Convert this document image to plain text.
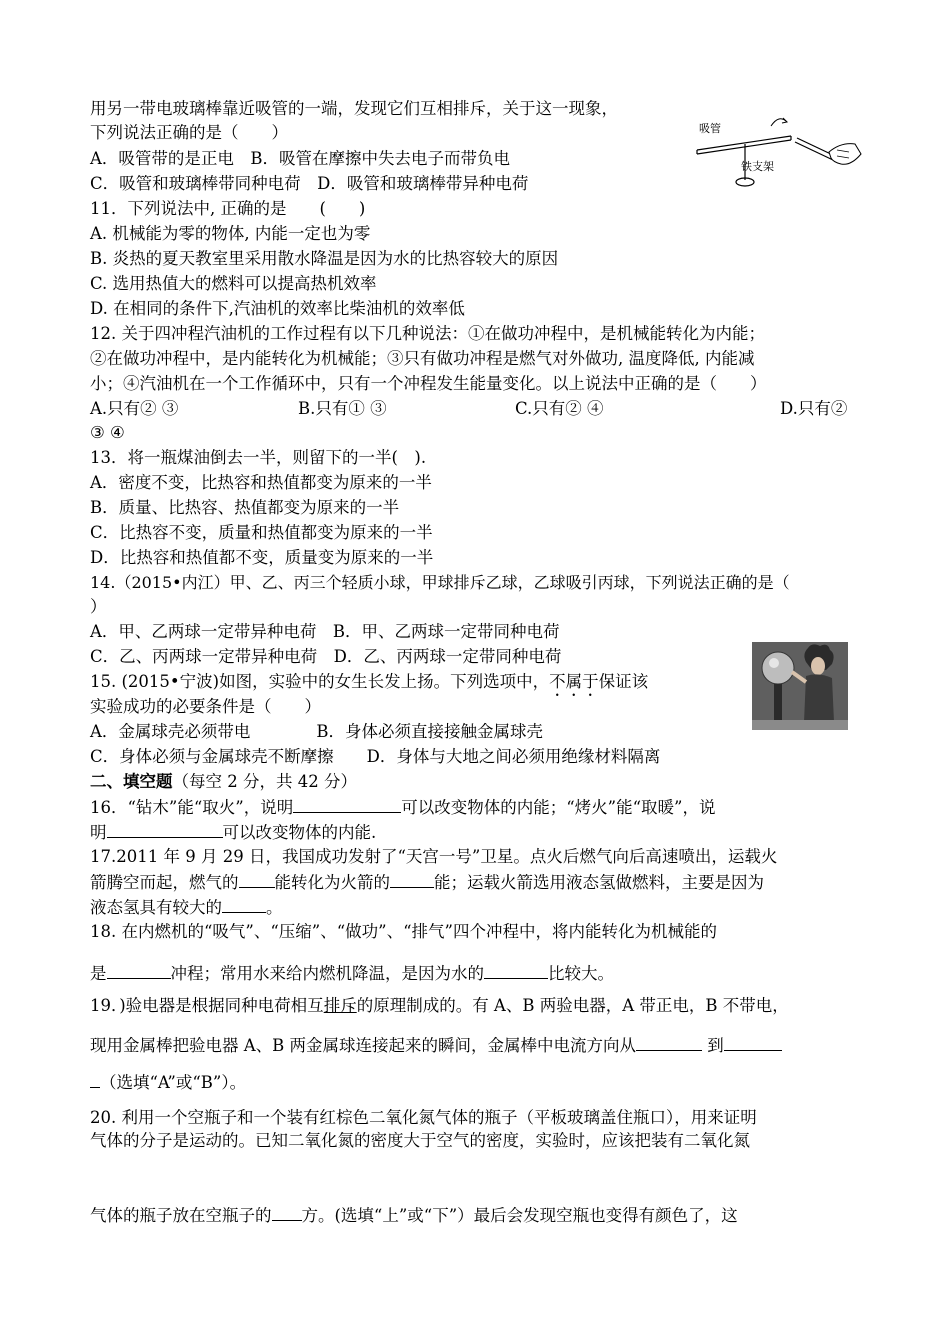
吸管
铁支架
用另一带电玻璃棒靠近吸管的一端，发现它们互相排斥，关于这一现象，
下列说法正确的是（　　）
A．吸管带的是正电　B．吸管在摩擦中失去电子而带负电
C．吸管和玻璃棒带同种电荷　D．吸管和玻璃棒带异种电荷
11．下列说法中, 正确的是　　(　　)
A. 机械能为零的物体, 内能一定也为零
B. 炎热的夏天教室里采用散水降温是因为水的比热容较大的原因
C. 选用热值大的燃料可以提高热机效率
D. 在相同的条件下,汽油机的效率比柴油机的效率低
12. 关于四冲程汽油机的工作过程有以下几种说法：①在做功冲程中，是机械能转化为内能；
②在做功冲程中，是内能转化为机械能；③只有做功冲程是燃气对外做功, 温度降低, 内能减
小；④汽油机在一个工作循环中，只有一个冲程发生能量变化。以上说法中正确的是（　　）
A.只有② ③	B.只有① ③	C.只有② ④	D.只有②
③ ④
13．将一瓶煤油倒去一半，则留下的一半(　).
A．密度不变，比热容和热值都变为原来的一半
B．质量、比热容、热值都变为原来的一半
C．比热容不变，质量和热值都变为原来的一半
D．比热容和热值都不变，质量变为原来的一半
14.（2015•内江）甲、乙、丙三个轻质小球，甲球排斥乙球，乙球吸引丙球，下列说法正确的是（
）
A．甲、乙两球一定带异种电荷　B．甲、乙两球一定带同种电荷
C．乙、丙两球一定带异种电荷　D．乙、丙两球一定带同种电荷
15. (2015•宁波)如图，实验中的女生长发上扬。下列选项中，不属于保证该
实验成功的必要条件是（　　）
A．金属球壳必须带电　　　　B．身体必须直接接触金属球壳
C．身体必须与金属球壳不断摩擦　　D．身体与大地之间必须用绝缘材料隔离
二、填空题（每空 2 分，共 42 分）
16．“钻木”能“取火”，说明	可以改变物体的内能；“烤火”能“取暖”，说
明	可以改变物体的内能.
17.2011 年 9 月 29 日，我国成功发射了“天宫一号”卫星。点火后燃气向后高速喷出，运载火
箭腾空而起，燃气的 能转化为火箭的	能；运载火箭选用液态氢做燃料，主要是因为
液态氢具有较大的	。
18. 在内燃机的“吸气”、“压缩”、“做功”、“排气”四个冲程中，将内能转化为机械能的
是	冲程；常用水来给内燃机降温，是因为水的	比较大。
19．)验电器是根据同种电荷相互排斥的原理制成的。有 A、B 两验电器，A 带正电，B 不带电，
现用金属棒把验电器 A、B 两金属球连接起来的瞬间，金属棒中电流方向从	到
（选填“A”或“B”）。
20. 利用一个空瓶子和一个装有红棕色二氧化氮气体的瓶子（平板玻璃盖住瓶口），用来证明
气体的分子是运动的。已知二氧化氮的密度大于空气的密度，实验时，应该把装有二氧化氮
气体的瓶子放在空瓶子的 方。(选填“上”或“下”）最后会发现空瓶也变得有颜色了，这
